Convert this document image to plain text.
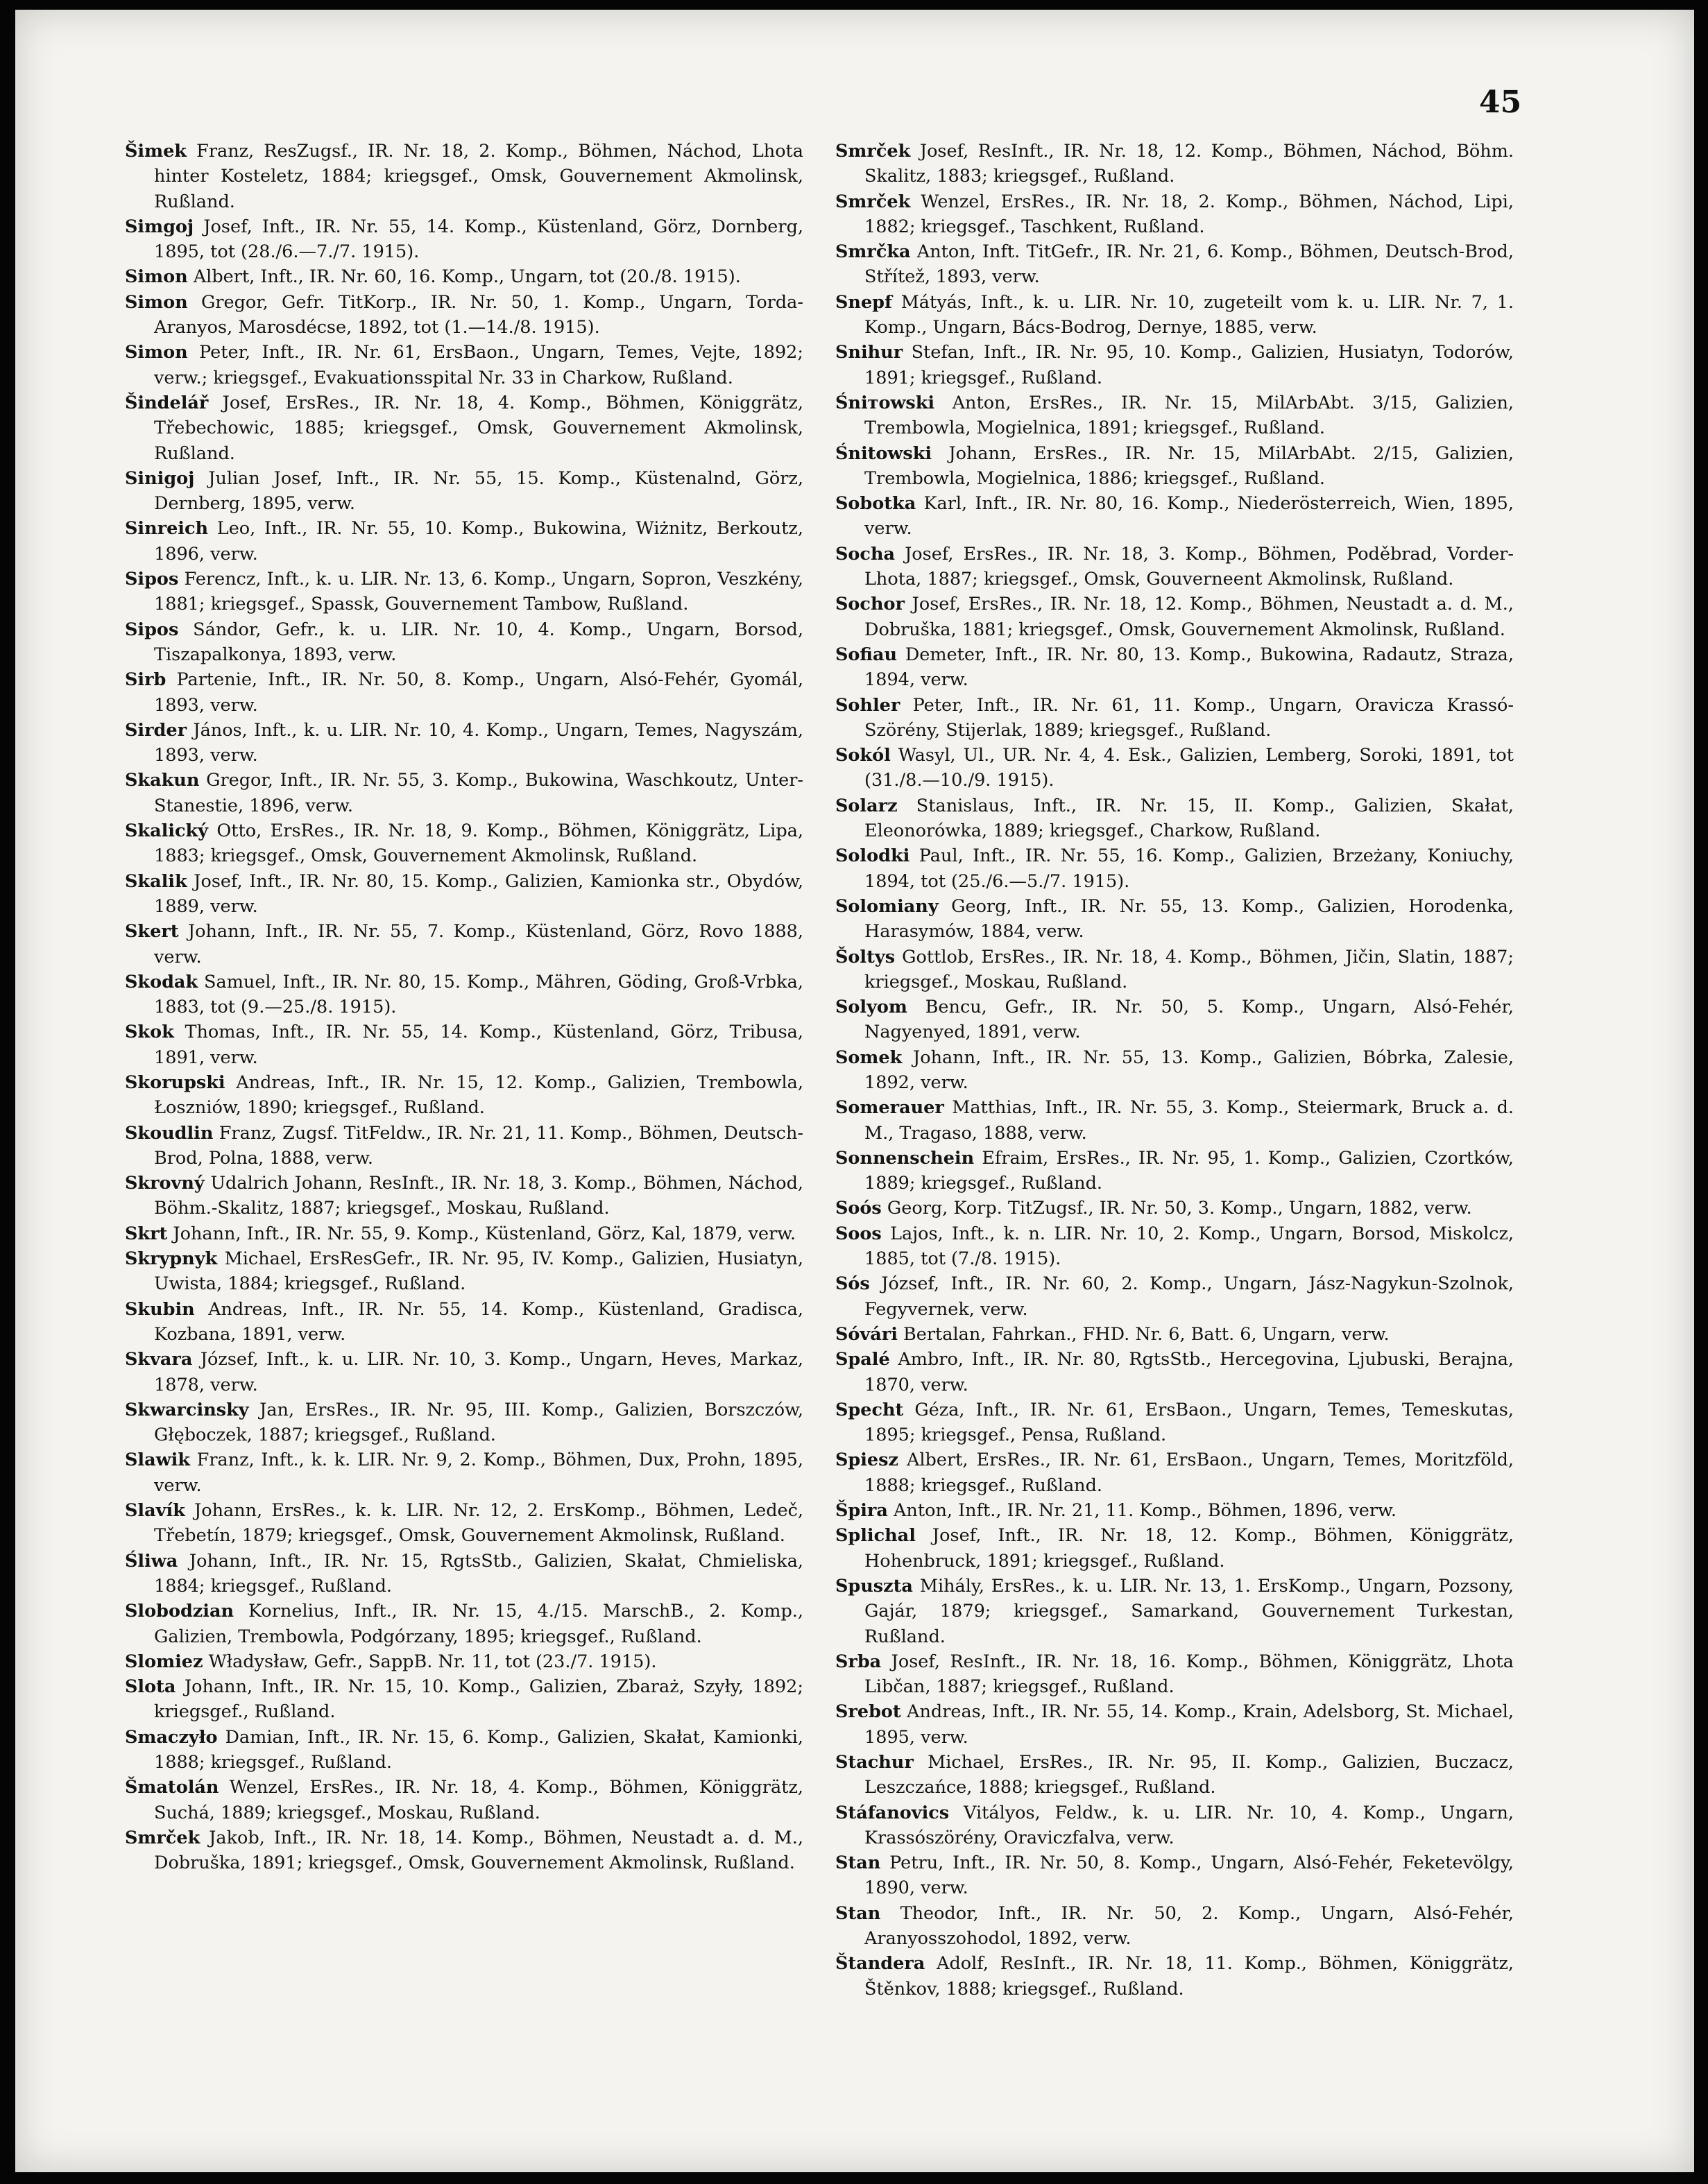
45
Šimek Franz, ResZugsf., IR. Nr. 18, 2. Komp., Böhmen, Náchod, Lhota hinter Kosteletz, 1884; kriegsgef., Omsk, Gouvernement Akmolinsk, Rußland.
Simgoj Josef, Inft., IR. Nr. 55, 14. Komp., Küstenland, Görz, Dornberg, 1895, tot (28./6.—7./7. 1915).
Simon Albert, Inft., IR. Nr. 60, 16. Komp., Ungarn, tot (20./8. 1915).
Simon Gregor, Gefr. TitKorp., IR. Nr. 50, 1. Komp., Ungarn, Torda-Aranyos, Marosdécse, 1892, tot (1.—14./8. 1915).
Simon Peter, Inft., IR. Nr. 61, ErsBaon., Ungarn, Temes, Vejte, 1892; verw.; kriegsgef., Evakuationsspital Nr. 33 in Charkow, Rußland.
Šindelář Josef, ErsRes., IR. Nr. 18, 4. Komp., Böhmen, Königgrätz, Třebechowic, 1885; kriegsgef., Omsk, Gouvernement Akmolinsk, Rußland.
Sinigoj Julian Josef, Inft., IR. Nr. 55, 15. Komp., Küstenalnd, Görz, Dernberg, 1895, verw.
Sinreich Leo, Inft., IR. Nr. 55, 10. Komp., Bukowina, Wiżnitz, Berkoutz, 1896, verw.
Sipos Ferencz, Inft., k. u. LIR. Nr. 13, 6. Komp., Ungarn, Sopron, Veszkény, 1881; kriegsgef., Spassk, Gouvernement Tambow, Rußland.
Sipos Sándor, Gefr., k. u. LIR. Nr. 10, 4. Komp., Ungarn, Borsod, Tiszapalkonya, 1893, verw.
Sirb Partenie, Inft., IR. Nr. 50, 8. Komp., Ungarn, Alsó-Fehér, Gyomál, 1893, verw.
Sirder János, Inft., k. u. LIR. Nr. 10, 4. Komp., Ungarn, Temes, Nagyszám, 1893, verw.
Skakun Gregor, Inft., IR. Nr. 55, 3. Komp., Bukowina, Waschkoutz, Unter-Stanestie, 1896, verw.
Skalický Otto, ErsRes., IR. Nr. 18, 9. Komp., Böhmen, Königgrätz, Lipa, 1883; kriegsgef., Omsk, Gouvernement Akmolinsk, Rußland.
Skalik Josef, Inft., IR. Nr. 80, 15. Komp., Galizien, Kamionka str., Obydów, 1889, verw.
Skert Johann, Inft., IR. Nr. 55, 7. Komp., Küstenland, Görz, Rovo 1888, verw.
Skodak Samuel, Inft., IR. Nr. 80, 15. Komp., Mähren, Göding, Groß-Vrbka, 1883, tot (9.—25./8. 1915).
Skok Thomas, Inft., IR. Nr. 55, 14. Komp., Küstenland, Görz, Tribusa, 1891, verw.
Skorupski Andreas, Inft., IR. Nr. 15, 12. Komp., Galizien, Trembowla, Łoszniów, 1890; kriegsgef., Rußland.
Skoudlin Franz, Zugsf. TitFeldw., IR. Nr. 21, 11. Komp., Böhmen, Deutsch-Brod, Polna, 1888, verw.
Skrovný Udalrich Johann, ResInft., IR. Nr. 18, 3. Komp., Böhmen, Náchod, Böhm.-Skalitz, 1887; kriegsgef., Moskau, Rußland.
Skrt Johann, Inft., IR. Nr. 55, 9. Komp., Küstenland, Görz, Kal, 1879, verw.
Skrypnyk Michael, ErsResGefr., IR. Nr. 95, IV. Komp., Galizien, Husiatyn, Uwista, 1884; kriegsgef., Rußland.
Skubin Andreas, Inft., IR. Nr. 55, 14. Komp., Küstenland, Gradisca, Kozbana, 1891, verw.
Skvara József, Inft., k. u. LIR. Nr. 10, 3. Komp., Ungarn, Heves, Markaz, 1878, verw.
Skwarcinsky Jan, ErsRes., IR. Nr. 95, III. Komp., Galizien, Borszczów, Głęboczek, 1887; kriegsgef., Rußland.
Slawik Franz, Inft., k. k. LIR. Nr. 9, 2. Komp., Böhmen, Dux, Prohn, 1895, verw.
Slavík Johann, ErsRes., k. k. LIR. Nr. 12, 2. ErsKomp., Böhmen, Ledeč, Třebetín, 1879; kriegsgef., Omsk, Gouvernement Akmolinsk, Rußland.
Śliwa Johann, Inft., IR. Nr. 15, RgtsStb., Galizien, Skałat, Chmieliska, 1884; kriegsgef., Rußland.
Slobodzian Kornelius, Inft., IR. Nr. 15, 4./15. MarschB., 2. Komp., Galizien, Trembowla, Podgórzany, 1895; kriegsgef., Rußland.
Slomiez Władysław, Gefr., SappB. Nr. 11, tot (23./7. 1915).
Slota Johann, Inft., IR. Nr. 15, 10. Komp., Galizien, Zbaraż, Szyły, 1892; kriegsgef., Rußland.
Smaczyło Damian, Inft., IR. Nr. 15, 6. Komp., Galizien, Skałat, Kamionki, 1888; kriegsgef., Rußland.
Šmatolán Wenzel, ErsRes., IR. Nr. 18, 4. Komp., Böhmen, Königgrätz, Suchá, 1889; kriegsgef., Moskau, Rußland.
Smrček Jakob, Inft., IR. Nr. 18, 14. Komp., Böhmen, Neustadt a. d. M., Dobruška, 1891; kriegsgef., Omsk, Gouvernement Akmolinsk, Rußland.
Smrček Josef, ResInft., IR. Nr. 18, 12. Komp., Böhmen, Náchod, Böhm. Skalitz, 1883; kriegsgef., Rußland.
Smrček Wenzel, ErsRes., IR. Nr. 18, 2. Komp., Böhmen, Náchod, Lipi, 1882; kriegsgef., Taschkent, Rußland.
Smrčka Anton, Inft. TitGefr., IR. Nr. 21, 6. Komp., Böhmen, Deutsch-Brod, Střítež, 1893, verw.
Snepf Mátyás, Inft., k. u. LIR. Nr. 10, zugeteilt vom k. u. LIR. Nr. 7, 1. Komp., Ungarn, Bács-Bodrog, Dernye, 1885, verw.
Snihur Stefan, Inft., IR. Nr. 95, 10. Komp., Galizien, Husiatyn, Todorów, 1891; kriegsgef., Rußland.
Śniтowski Anton, ErsRes., IR. Nr. 15, MilArbAbt. 3/15, Galizien, Trembowla, Mogielnica, 1891; kriegsgef., Rußland.
Śnitowski Johann, ErsRes., IR. Nr. 15, MilArbAbt. 2/15, Galizien, Trembowla, Mogielnica, 1886; kriegsgef., Rußland.
Sobotka Karl, Inft., IR. Nr. 80, 16. Komp., Niederösterreich, Wien, 1895, verw.
Socha Josef, ErsRes., IR. Nr. 18, 3. Komp., Böhmen, Poděbrad, Vorder-Lhota, 1887; kriegsgef., Omsk, Gouverneent Akmolinsk, Rußland.
Sochor Josef, ErsRes., IR. Nr. 18, 12. Komp., Böhmen, Neustadt a. d. M., Dobruška, 1881; kriegsgef., Omsk, Gouvernement Akmolinsk, Rußland.
Sofiau Demeter, Inft., IR. Nr. 80, 13. Komp., Bukowina, Radautz, Straza, 1894, verw.
Sohler Peter, Inft., IR. Nr. 61, 11. Komp., Ungarn, Oravicza Krassó-Szörény, Stijerlak, 1889; kriegsgef., Rußland.
Sokól Wasyl, Ul., UR. Nr. 4, 4. Esk., Galizien, Lemberg, Soroki, 1891, tot (31./8.—10./9. 1915).
Solarz Stanislaus, Inft., IR. Nr. 15, II. Komp., Galizien, Skałat, Eleonorówka, 1889; kriegsgef., Charkow, Rußland.
Solodki Paul, Inft., IR. Nr. 55, 16. Komp., Galizien, Brzeżany, Koniuchy, 1894, tot (25./6.—5./7. 1915).
Solomiany Georg, Inft., IR. Nr. 55, 13. Komp., Galizien, Horodenka, Harasymów, 1884, verw.
Šoltys Gottlob, ErsRes., IR. Nr. 18, 4. Komp., Böhmen, Jičin, Slatin, 1887; kriegsgef., Moskau, Rußland.
Solyom Bencu, Gefr., IR. Nr. 50, 5. Komp., Ungarn, Alsó-Fehér, Nagyenyed, 1891, verw.
Somek Johann, Inft., IR. Nr. 55, 13. Komp., Galizien, Bóbrka, Zalesie, 1892, verw.
Somerauer Matthias, Inft., IR. Nr. 55, 3. Komp., Steiermark, Bruck a. d. M., Tragaso, 1888, verw.
Sonnenschein Efraim, ErsRes., IR. Nr. 95, 1. Komp., Galizien, Czortków, 1889; kriegsgef., Rußland.
Soós Georg, Korp. TitZugsf., IR. Nr. 50, 3. Komp., Ungarn, 1882, verw.
Soos Lajos, Inft., k. n. LIR. Nr. 10, 2. Komp., Ungarn, Borsod, Miskolcz, 1885, tot (7./8. 1915).
Sós József, Inft., IR. Nr. 60, 2. Komp., Ungarn, Jász-Nagykun-Szolnok, Fegyvernek, verw.
Sóvári Bertalan, Fahrkan., FHD. Nr. 6, Batt. 6, Ungarn, verw.
Spalé Ambro, Inft., IR. Nr. 80, RgtsStb., Hercegovina, Ljubuski, Berajna, 1870, verw.
Specht Géza, Inft., IR. Nr. 61, ErsBaon., Ungarn, Temes, Temeskutas, 1895; kriegsgef., Pensa, Rußland.
Spiesz Albert, ErsRes., IR. Nr. 61, ErsBaon., Ungarn, Temes, Moritzföld, 1888; kriegsgef., Rußland.
Špira Anton, Inft., IR. Nr. 21, 11. Komp., Böhmen, 1896, verw.
Splichal Josef, Inft., IR. Nr. 18, 12. Komp., Böhmen, Königgrätz, Hohenbruck, 1891; kriegsgef., Rußland.
Spuszta Mihály, ErsRes., k. u. LIR. Nr. 13, 1. ErsKomp., Ungarn, Pozsony, Gajár, 1879; kriegsgef., Samarkand, Gouvernement Turkestan, Rußland.
Srba Josef, ResInft., IR. Nr. 18, 16. Komp., Böhmen, Königgrätz, Lhota Libčan, 1887; kriegsgef., Rußland.
Srebot Andreas, Inft., IR. Nr. 55, 14. Komp., Krain, Adelsborg, St. Michael, 1895, verw.
Stachur Michael, ErsRes., IR. Nr. 95, II. Komp., Galizien, Buczacz, Leszczańce, 1888; kriegsgef., Rußland.
Stáfanovics Vitályos, Feldw., k. u. LIR. Nr. 10, 4. Komp., Ungarn, Krassószörény, Oraviczfalva, verw.
Stan Petru, Inft., IR. Nr. 50, 8. Komp., Ungarn, Alsó-Fehér, Feketevölgy, 1890, verw.
Stan Theodor, Inft., IR. Nr. 50, 2. Komp., Ungarn, Alsó-Fehér, Aranyosszohodol, 1892, verw.
Štandera Adolf, ResInft., IR. Nr. 18, 11. Komp., Böhmen, Königgrätz, Štěnkov, 1888; kriegsgef., Rußland.
